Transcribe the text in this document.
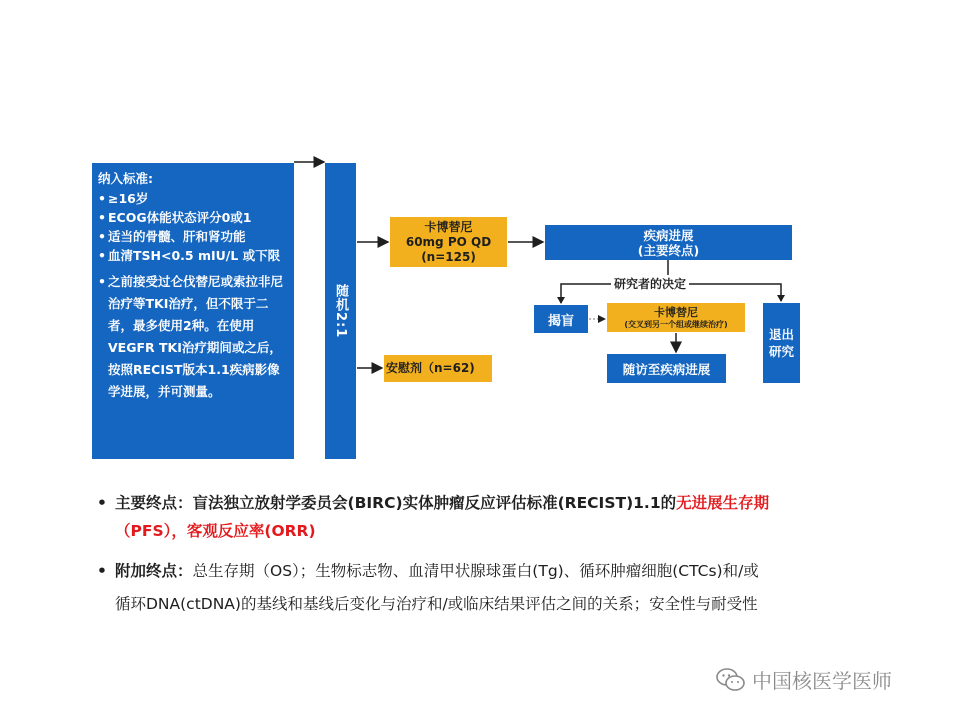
纳入标准:
• ≥16岁
• ECOG体能状态评分0或1
• 适当的骨髓、肝和肾功能
• 血清TSH<0.5 mIU/L 或下限
• 之前接受过仑伐替尼或索拉非尼治疗等TKI治疗，但不限于二者，最多使用2种。在使用VEGFR TKI治疗期间或之后，按照RECIST版本1.1疾病影像学进展，并可测量。
随机2:1
卡博替尼
60mg PO QD
(n=125)
安慰剂（n=62)
疾病进展
(主要终点)
研究者的决定
揭盲
卡博替尼
(交叉到另一个组或继续治疗)
随访至疾病进展
退出
研究
• 主要终点：盲法独立放射学委员会(BIRC)实体肿瘤反应评估标准(RECIST)1.1的无进展生存期
（PFS），客观反应率(ORR)
• 附加终点：总生存期（OS）；生物标志物、血清甲状腺球蛋白(Tg)、循环肿瘤细胞(CTCs)和/或
循环DNA(ctDNA)的基线和基线后变化与治疗和/或临床结果评估之间的关系；安全性与耐受性
中国核医学医师
